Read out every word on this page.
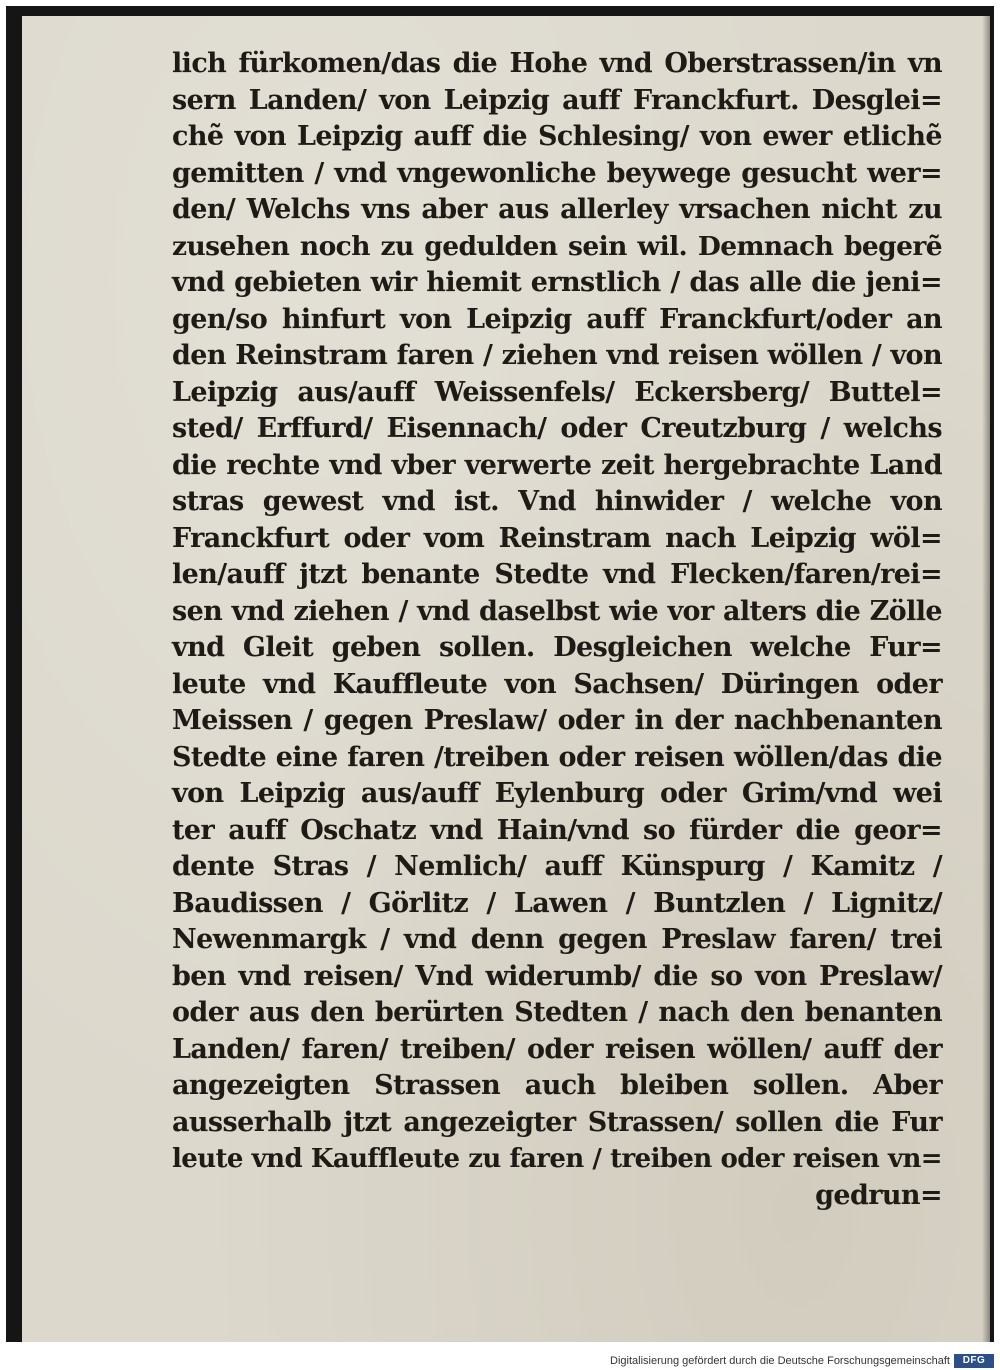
lich fürkomen/das die Hohe vnd Oberstrassen/in vn
sern Landen/ von Leipzig auff Franckfurt. Desglei=
chẽ von Leipzig auff die Schlesing/ von ewer etlichẽ
gemitten / vnd vngewonliche beywege gesucht wer=
den/ Welchs vns aber aus allerley vrsachen nicht zu
zusehen noch zu gedulden sein wil. Demnach begerẽ
vnd gebieten wir hiemit ernstlich / das alle die jeni=
gen/so hinfurt von Leipzig auff Franckfurt/oder an
den Reinstram faren / ziehen vnd reisen wöllen / von
Leipzig aus/auff Weissenfels/ Eckersberg/ Buttel=
sted/ Erffurd/ Eisennach/ oder Creutzburg / welchs
die rechte vnd vber verwerte zeit hergebrachte Land
stras gewest vnd ist. Vnd hinwider / welche von
Franckfurt oder vom Reinstram nach Leipzig wöl=
len/auff jtzt benante Stedte vnd Flecken/faren/rei=
sen vnd ziehen / vnd daselbst wie vor alters die Zölle
vnd Gleit geben sollen. Desgleichen welche Fur=
leute vnd Kauffleute von Sachsen/ Düringen oder
Meissen / gegen Preslaw/ oder in der nachbenanten
Stedte eine faren /treiben oder reisen wöllen/das die
von Leipzig aus/auff Eylenburg oder Grim/vnd wei
ter auff Oschatz vnd Hain/vnd so fürder die geor=
dente Stras / Nemlich/ auff Künspurg / Kamitz /
Baudissen / Görlitz / Lawen / Buntzlen / Lignitz/
Newenmargk / vnd denn gegen Preslaw faren/ trei
ben vnd reisen/ Vnd widerumb/ die so von Preslaw/
oder aus den berürten Stedten / nach den benanten
Landen/ faren/ treiben/ oder reisen wöllen/ auff der
angezeigten Strassen auch bleiben sollen. Aber
ausserhalb jtzt angezeigter Strassen/ sollen die Fur
leute vnd Kauffleute zu faren / treiben oder reisen vn=
gedrun=
Digitalisierung gefördert durch die Deutsche Forschungsgemeinschaft	DFG
